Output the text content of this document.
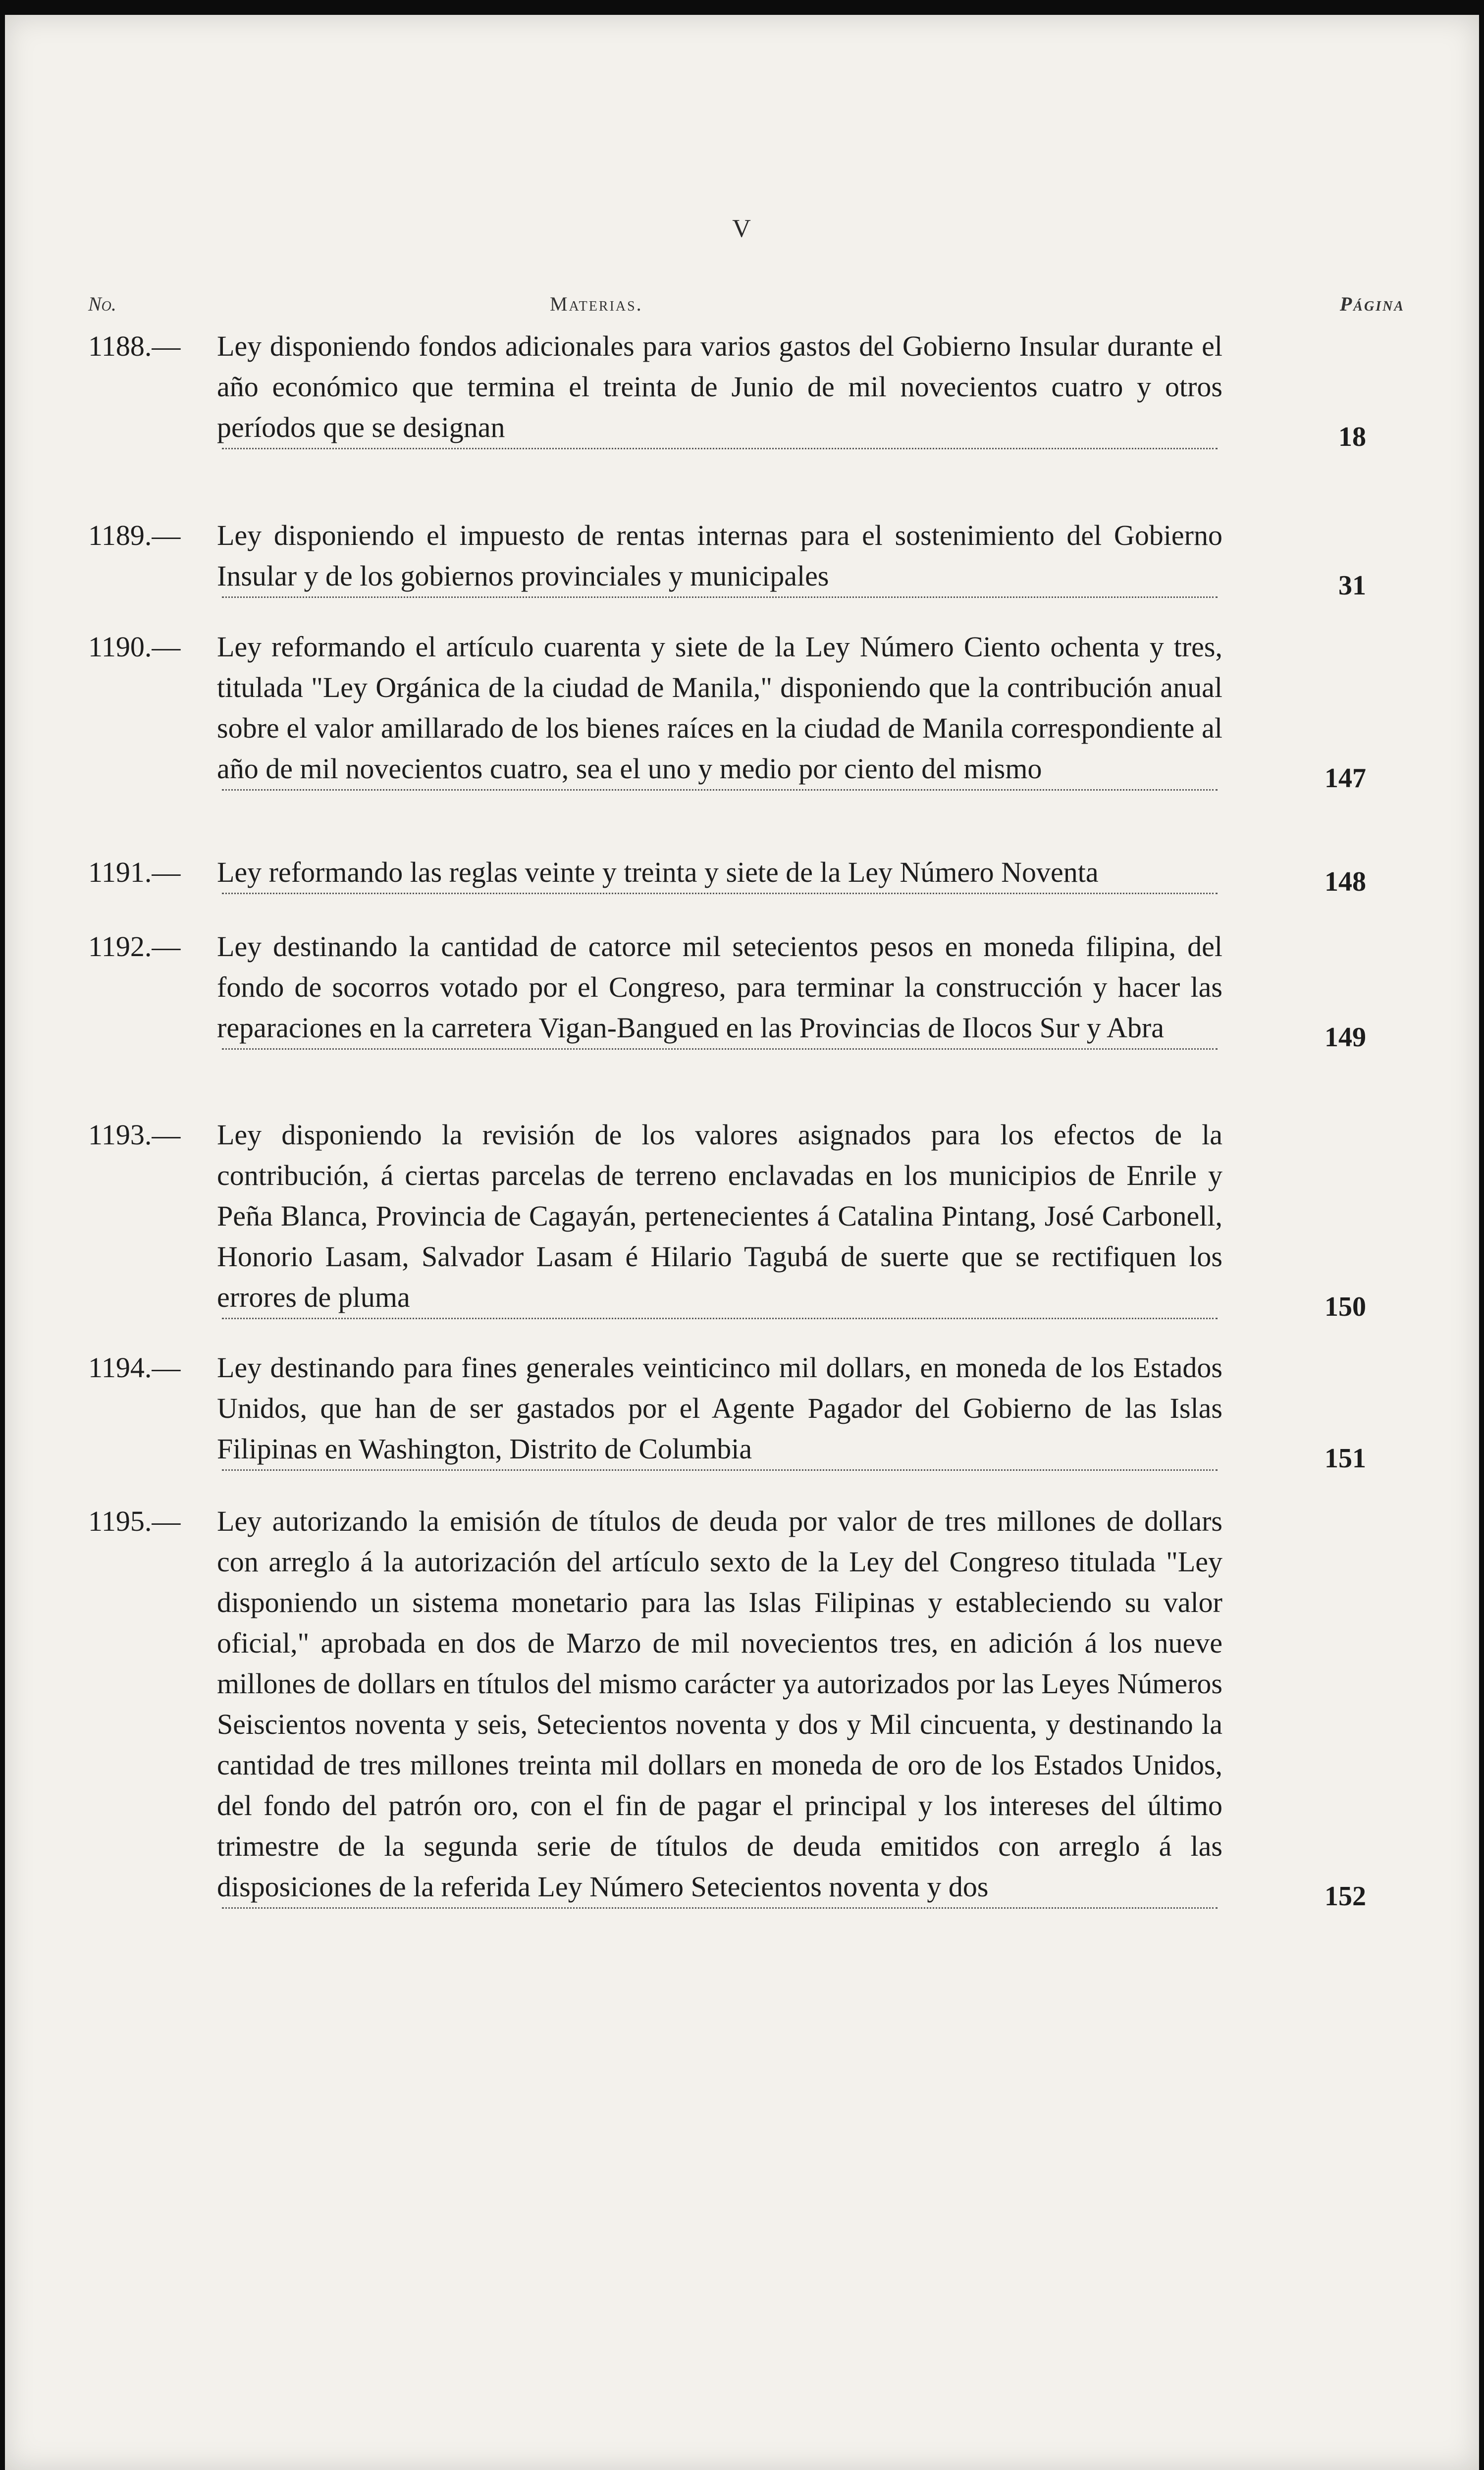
V
No.	Materias.	Página
1188.—	Ley disponiendo fondos adicionales para varios gastos del Gobierno Insular durante el año económico que termina el treinta de Junio de mil novecientos cuatro y otros períodos que se designan	18
1189.—	Ley disponiendo el impuesto de rentas internas para el sostenimiento del Gobierno Insular y de los gobiernos provinciales y municipales	31
1190.—	Ley reformando el artículo cuarenta y siete de la Ley Número Ciento ochenta y tres, titulada "Ley Orgánica de la ciudad de Manila," disponiendo que la contribución anual sobre el valor amillarado de los bienes raíces en la ciudad de Manila correspondiente al año de mil novecientos cuatro, sea el uno y medio por ciento del mismo	147
1191.—	Ley reformando las reglas veinte y treinta y siete de la Ley Número Noventa	148
1192.—	Ley destinando la cantidad de catorce mil setecientos pesos en moneda filipina, del fondo de socorros votado por el Congreso, para terminar la construcción y hacer las reparaciones en la carretera Vigan-Bangued en las Provincias de Ilocos Sur y Abra	149
1193.—	Ley disponiendo la revisión de los valores asignados para los efectos de la contribución, á ciertas parcelas de terreno enclavadas en los municipios de Enrile y Peña Blanca, Provincia de Cagayán, pertenecientes á Catalina Pintang, José Carbonell, Honorio Lasam, Salvador Lasam é Hilario Tagubá de suerte que se rectifiquen los errores de pluma	150
1194.—	Ley destinando para fines generales veinticinco mil dollars, en moneda de los Estados Unidos, que han de ser gastados por el Agente Pagador del Gobierno de las Islas Filipinas en Washington, Distrito de Columbia	151
1195.—	Ley autorizando la emisión de títulos de deuda por valor de tres millones de dollars con arreglo á la autorización del artículo sexto de la Ley del Congreso titulada "Ley disponiendo un sistema monetario para las Islas Filipinas y estableciendo su valor oficial," aprobada en dos de Marzo de mil novecientos tres, en adición á los nueve millones de dollars en títulos del mismo carácter ya autorizados por las Leyes Números Seiscientos noventa y seis, Setecientos noventa y dos y Mil cincuenta, y destinando la cantidad de tres millones treinta mil dollars en moneda de oro de los Estados Unidos, del fondo del patrón oro, con el fin de pagar el principal y los intereses del último trimestre de la segunda serie de títulos de deuda emitidos con arreglo á las disposiciones de la referida Ley Número Setecientos noventa y dos	152
